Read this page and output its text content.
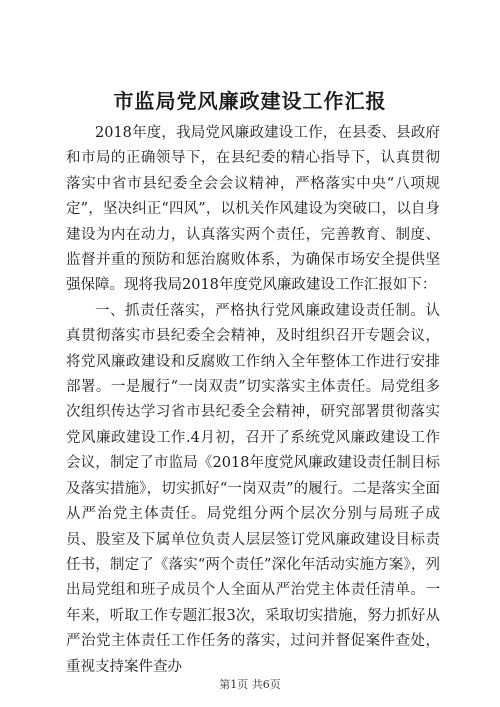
市监局党风廉政建设工作汇报

2018年度，我局党风廉政建设工作，在县委、县政府和市局的正确领导下，在县纪委的精心指导下，认真贯彻落实中省市县纪委全会会议精神，严格落实中央“八项规定”，坚决纠正“四风”，以机关作风建设为突破口，以自身建设为内在动力，认真落实两个责任，完善教育、制度、监督并重的预防和惩治腐败体系，为确保市场安全提供坚强保障。现将我局2018年度党风廉政建设工作汇报如下：

一、抓责任落实，严格执行党风廉政建设责任制。认真贯彻落实市县纪委全会精神，及时组织召开专题会议，将党风廉政建设和反腐败工作纳入全年整体工作进行安排部署。一是履行“一岗双责”切实落实主体责任。局党组多次组织传达学习省市县纪委全会精神，研究部署贯彻落实党风廉政建设工作.4月初，召开了系统党风廉政建设工作会议，制定了市监局《2018年度党风廉政建设责任制目标及落实措施》，切实抓好“一岗双责”的履行。二是落实全面从严治党主体责任。局党组分两个层次分别与局班子成员、股室及下属单位负责人层层签订党风廉政建设目标责任书，制定了《落实“两个责任”深化年活动实施方案》，列出局党组和班子成员个人全面从严治党主体责任清单。一年来，听取工作专题汇报3次，采取切实措施，努力抓好从严治党主体责任工作任务的落实，过问并督促案件查处，重视支持案件查办

第1页 共6页
